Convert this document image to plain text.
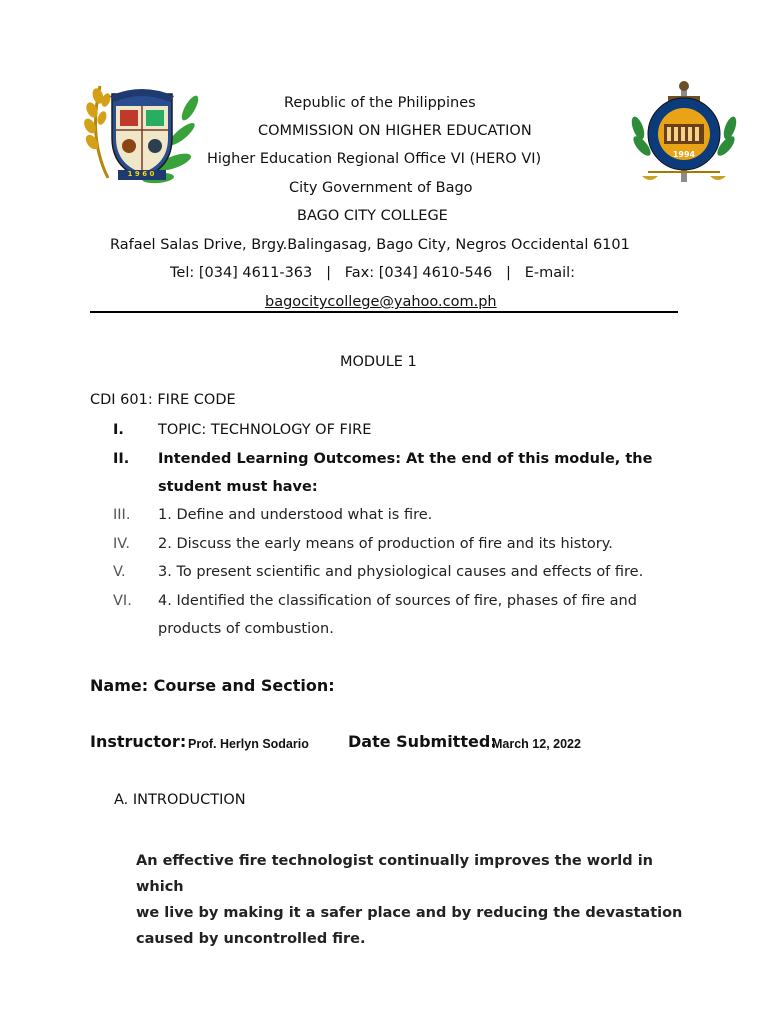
1 9 6 0
1994
Republic of the Philippines
COMMISSION ON HIGHER EDUCATION
Higher Education Regional Office VI (HERO VI)
City Government of Bago
BAGO CITY COLLEGE
Rafael Salas Drive, Brgy.Balingasag, Bago City, Negros Occidental 6101
Tel: [034] 4611-363   |   Fax: [034] 4610-546   |   E-mail:
bagocitycollege@yahoo.com.ph
MODULE 1
CDI 601: FIRE CODE
I. TOPIC: TECHNOLOGY OF FIRE
II. Intended Learning Outcomes: At the end of this module, the
student must have:
III. 1. Define and understood what is fire.
IV. 2. Discuss the early means of production of fire and its history.
V. 3. To present scientific and physiological causes and effects of fire.
VI. 4. Identified the classification of sources of fire, phases of fire and
products of combustion.
Name: Course and Section:
Instructor: Prof. Herlyn Sodario Date Submitted:
March 12, 2022
A. INTRODUCTION
An effective fire technologist continually improves the world in which
we live by making it a safer place and by reducing the devastation
caused by uncontrolled fire.
